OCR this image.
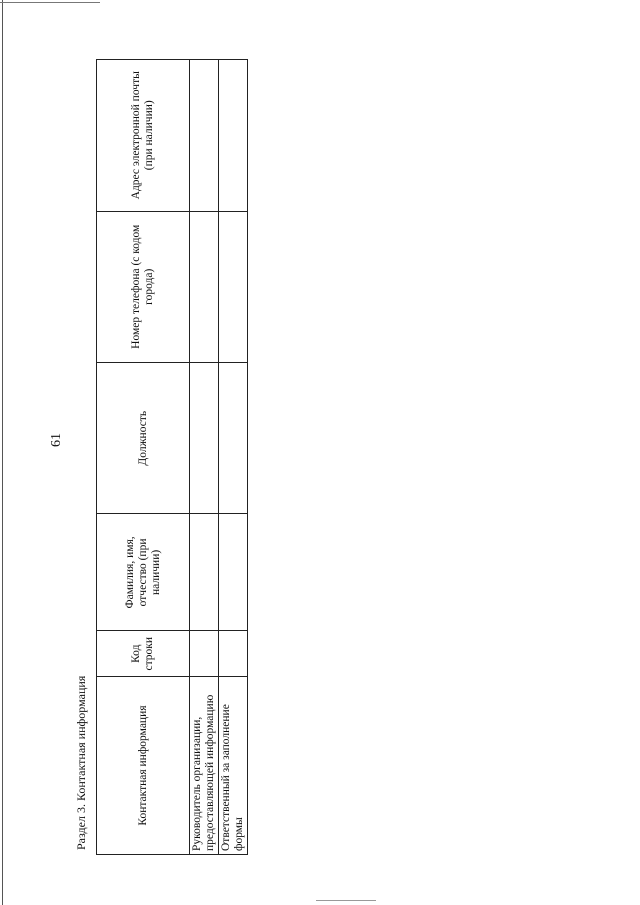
61
Раздел 3. Контактная информация	Контактная информация	Код строки	Фамилия, имя, отчество (при наличии)	Должность	Номер телефона (с кодом города)	Адрес электронной почты (при наличии)
Руководитель организации, предоставляющей информацию					
Ответственный за заполнение формы					
